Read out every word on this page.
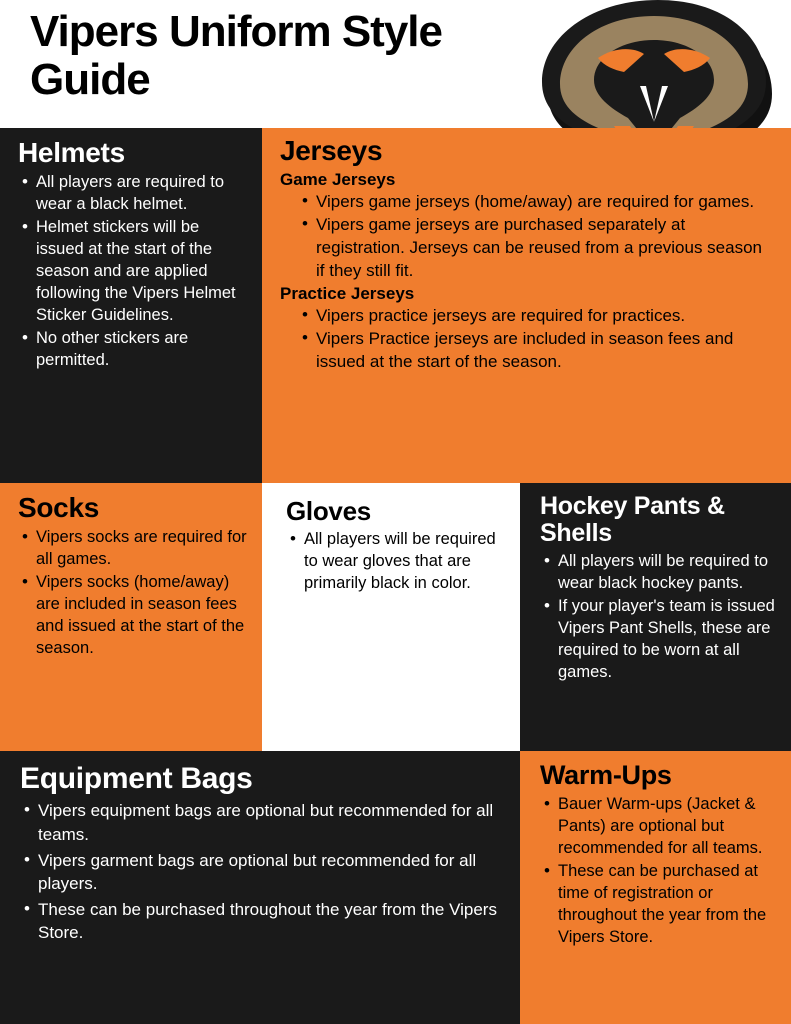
Vipers Uniform Style Guide
Helmets
• All players are required to wear a black helmet.
• Helmet stickers will be issued at the start of the season and are applied following the Vipers Helmet Sticker Guidelines.
• No other stickers are permitted.
Jerseys
Game Jerseys
• Vipers game jerseys (home/away) are required for games.
• Vipers game jerseys are purchased separately at registration. Jerseys can be reused from a previous season if they still fit.
Practice Jerseys
• Vipers practice jerseys are required for practices.
• Vipers Practice jerseys are included in season fees and issued at the start of the season.
Socks
• Vipers socks are required for all games.
• Vipers socks (home/away) are included in season fees and issued at the start of the season.
Gloves
• All players will be required to wear gloves that are primarily black in color.
Hockey Pants & Shells
• All players will be required to wear black hockey pants.
• If your player's team is issued Vipers Pant Shells, these are required to be worn at all games.
Equipment Bags
• Vipers equipment bags are optional but recommended for all teams.
• Vipers garment bags are optional but recommended for all players.
• These can be purchased throughout the year from the Vipers Store.
Warm-Ups
• Bauer Warm-ups (Jacket & Pants) are optional but recommended for all teams.
• These can be purchased at time of registration or throughout the year from the Vipers Store.
